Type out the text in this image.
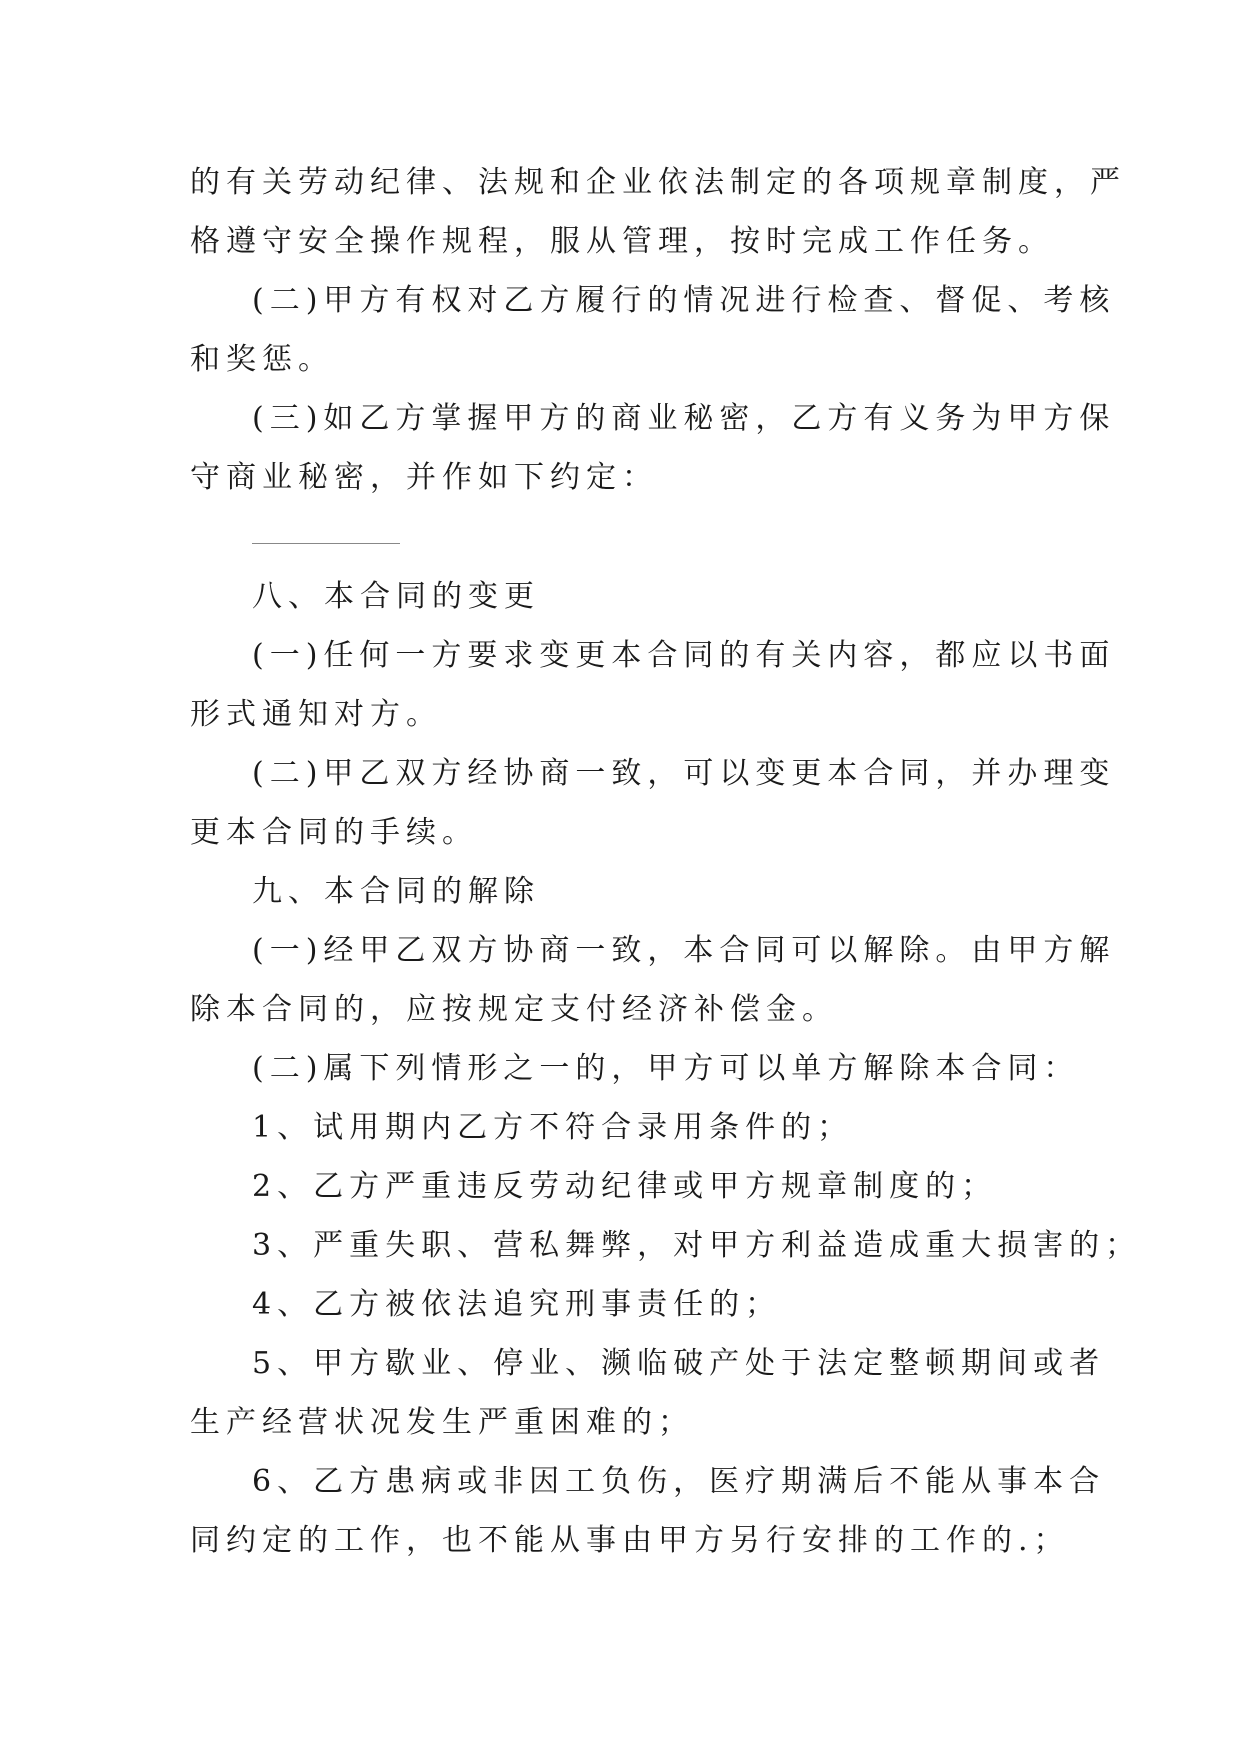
的有关劳动纪律、法规和企业依法制定的各项规章制度，严
格遵守安全操作规程，服从管理，按时完成工作任务。
(二)甲方有权对乙方履行的情况进行检查、督促、考核
和奖惩。
(三)如乙方掌握甲方的商业秘密，乙方有义务为甲方保
守商业秘密，并作如下约定：
八、本合同的变更
(一)任何一方要求变更本合同的有关内容，都应以书面
形式通知对方。
(二)甲乙双方经协商一致，可以变更本合同，并办理变
更本合同的手续。
九、本合同的解除
(一)经甲乙双方协商一致，本合同可以解除。由甲方解
除本合同的，应按规定支付经济补偿金。
(二)属下列情形之一的，甲方可以单方解除本合同：
1、试用期内乙方不符合录用条件的；
2、乙方严重违反劳动纪律或甲方规章制度的；
3、严重失职、营私舞弊，对甲方利益造成重大损害的；
4、乙方被依法追究刑事责任的；
5、甲方歇业、停业、濒临破产处于法定整顿期间或者
生产经营状况发生严重困难的；
6、乙方患病或非因工负伤，医疗期满后不能从事本合
同约定的工作，也不能从事由甲方另行安排的工作的.；
